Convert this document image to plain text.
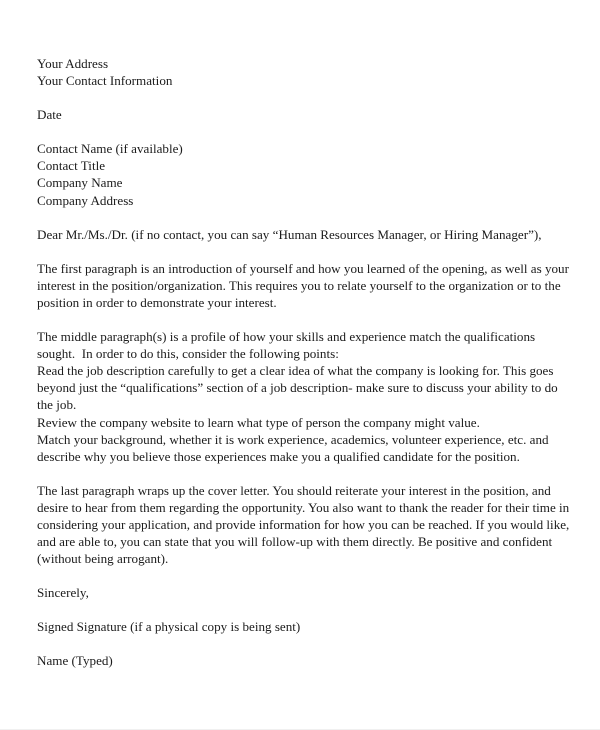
Your Address

Your Contact Information

Date

Contact Name (if available)

Contact Title

Company Name

Company Address

Dear Mr./Ms./Dr. (if no contact, you can say “Human Resources Manager, or Hiring Manager”),

The first paragraph is an introduction of yourself and how you learned of the opening, as well as your interest in the position/organization. This requires you to relate yourself to the organization or to the position in order to demonstrate your interest.

The middle paragraph(s) is a profile of how your skills and experience match the qualifications sought.  In order to do this, consider the following points:

Read the job description carefully to get a clear idea of what the company is looking for. This goes beyond just the “qualifications” section of a job description- make sure to discuss your ability to do the job.

Review the company website to learn what type of person the company might value.

Match your background, whether it is work experience, academics, volunteer experience, etc. and describe why you believe those experiences make you a qualified candidate for the position.

The last paragraph wraps up the cover letter. You should reiterate your interest in the position, and desire to hear from them regarding the opportunity. You also want to thank the reader for their time in considering your application, and provide information for how you can be reached. If you would like, and are able to, you can state that you will follow-up with them directly. Be positive and confident (without being arrogant).

Sincerely,

Signed Signature (if a physical copy is being sent)

Name (Typed)
